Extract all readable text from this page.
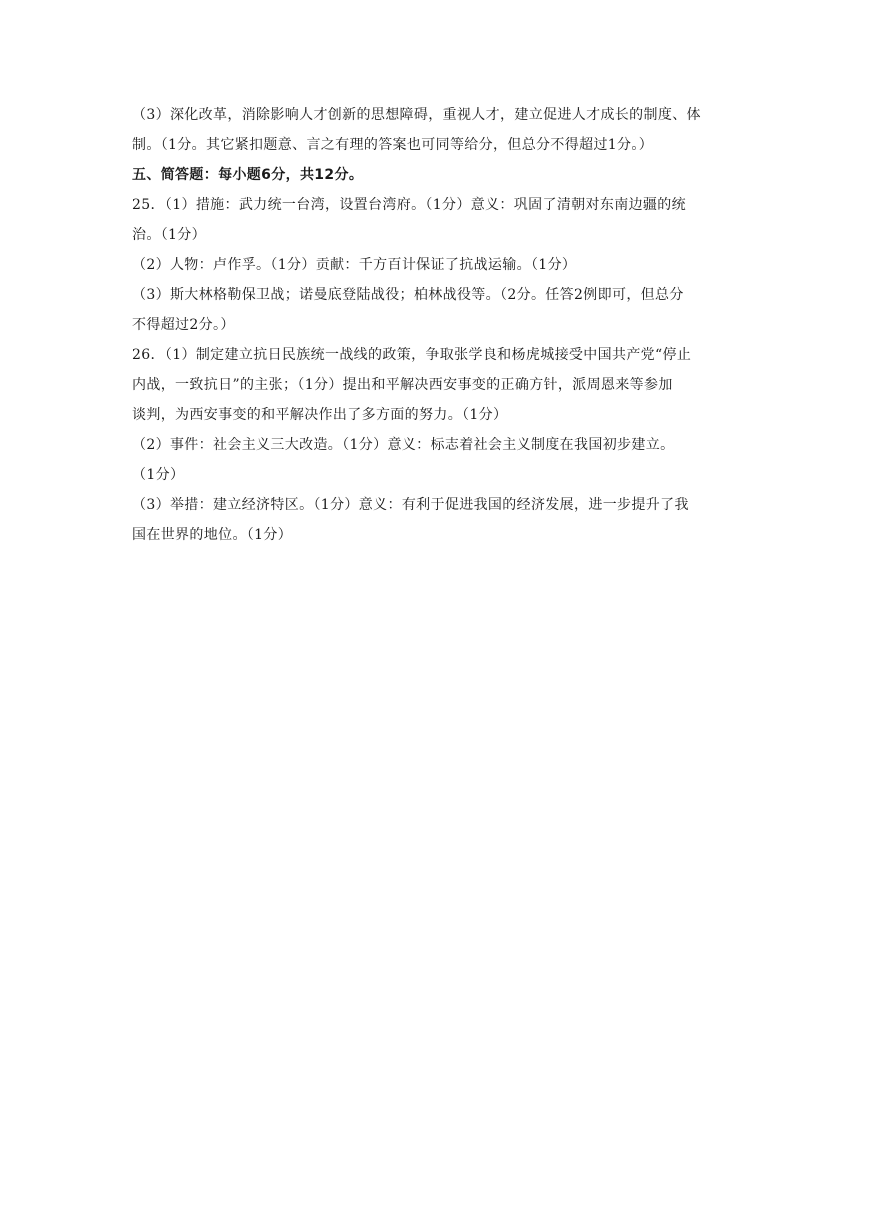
（3）深化改革，消除影响人才创新的思想障碍，重视人才，建立促进人才成长的制度、体
制。（1分。其它紧扣题意、言之有理的答案也可同等给分，但总分不得超过1分。）
五、简答题：每小题6分，共12分。
25．（1）措施：武力统一台湾，设置台湾府。（1分）意义：巩固了清朝对东南边疆的统
治。（1分）
（2）人物：卢作孚。（1分）贡献：千方百计保证了抗战运输。（1分）
（3）斯大林格勒保卫战；诺曼底登陆战役；柏林战役等。（2分。任答2例即可，但总分
不得超过2分。）
26．（1）制定建立抗日民族统一战线的政策，争取张学良和杨虎城接受中国共产党“停止
内战，一致抗日”的主张；（1分）提出和平解决西安事变的正确方针，派周恩来等参加
谈判，为西安事变的和平解决作出了多方面的努力。（1分）
（2）事件：社会主义三大改造。（1分）意义：标志着社会主义制度在我国初步建立。
（1分）
（3）举措：建立经济特区。（1分）意义：有利于促进我国的经济发展，进一步提升了我
国在世界的地位。（1分）
